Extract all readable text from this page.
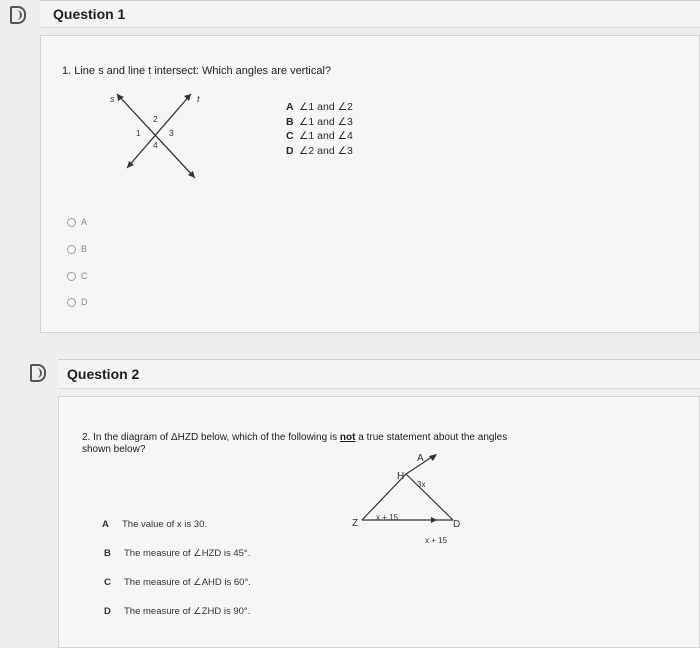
Question 1
1. Line s and line t intersect: Which angles are vertical?
s	t
1
2
3
4
A ∠1 and ∠2
B ∠1 and ∠3
C ∠1 and ∠4
D ∠2 and ∠3
A
B
C
D
Question 2
2. In the diagram of ΔHZD below, which of the following is not a true statement about the angles
shown below?
A
H
3x
Z
x + 15
D
x + 15
A The value of x is 30.
B The measure of ∠HZD is 45°.
C The measure of ∠AHD is 60°.
D The measure of ∠ZHD is 90°.
